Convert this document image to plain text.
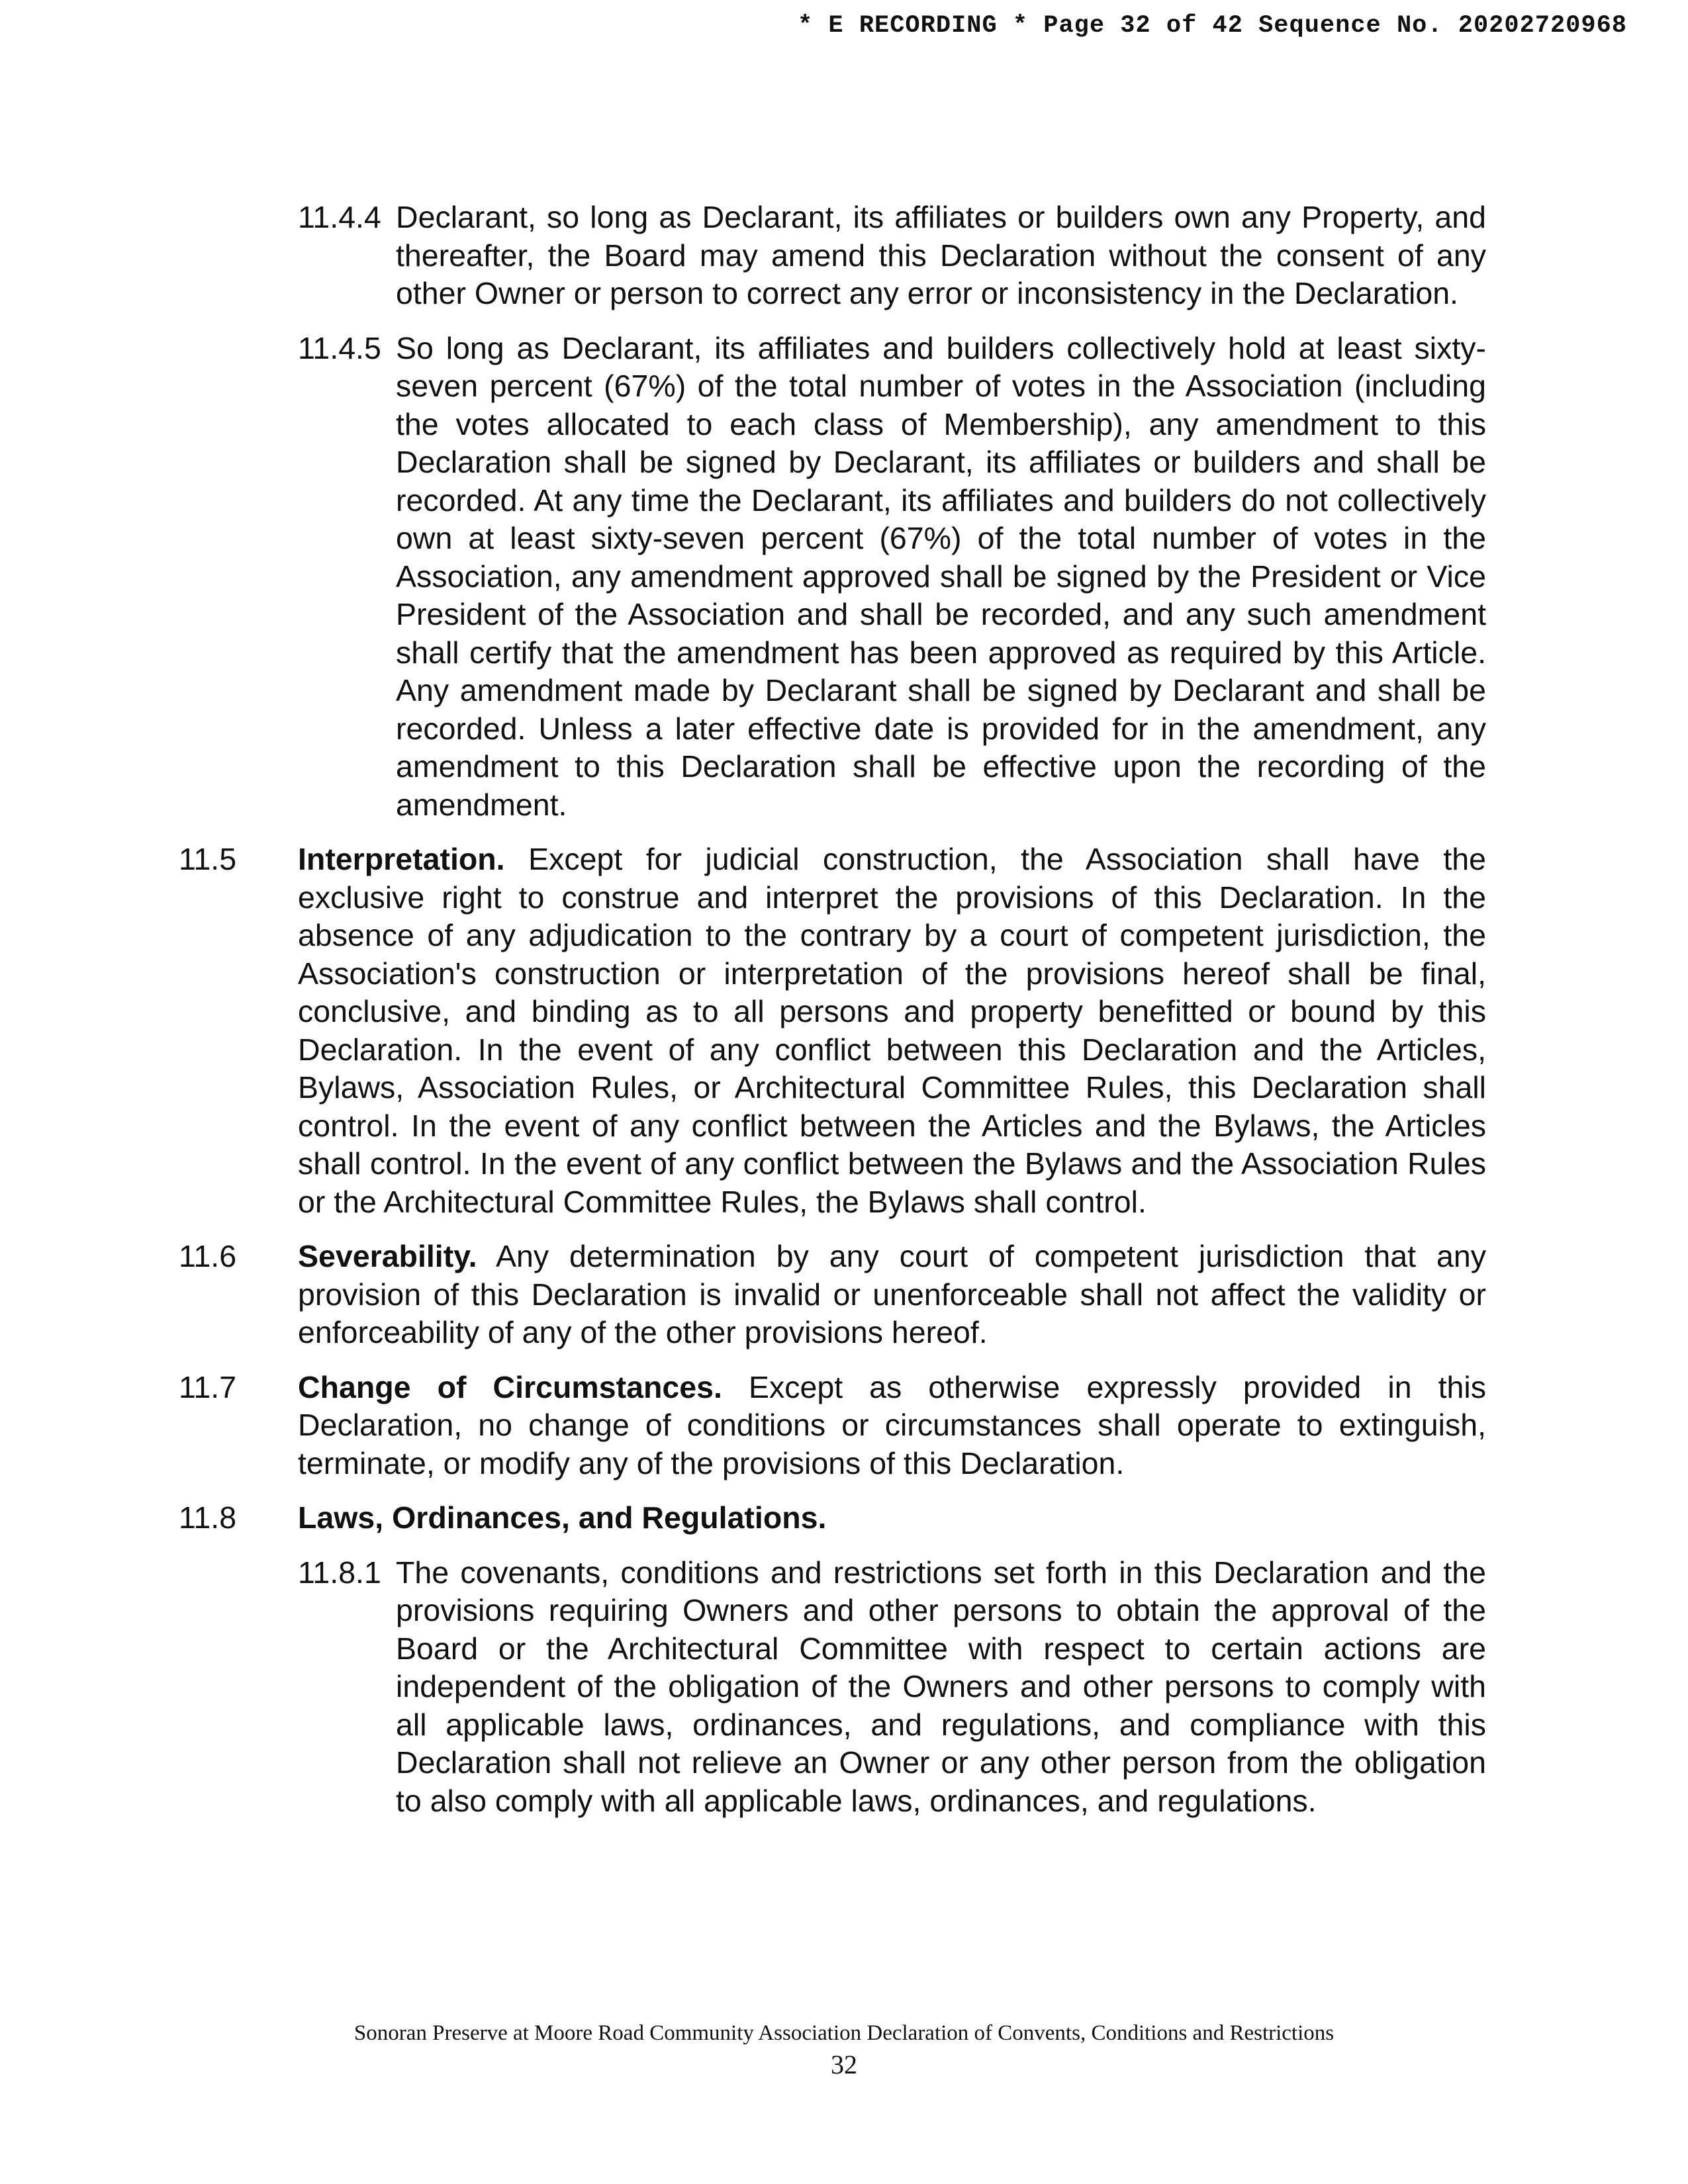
* E RECORDING * Page 32 of 42 Sequence No. 20202720968
11.4.4 Declarant, so long as Declarant, its affiliates or builders own any Property, and thereafter, the Board may amend this Declaration without the consent of any other Owner or person to correct any error or inconsistency in the Declaration.
11.4.5 So long as Declarant, its affiliates and builders collectively hold at least sixty-seven percent (67%) of the total number of votes in the Association (including the votes allocated to each class of Membership), any amendment to this Declaration shall be signed by Declarant, its affiliates or builders and shall be recorded. At any time the Declarant, its affiliates and builders do not collectively own at least sixty-seven percent (67%) of the total number of votes in the Association, any amendment approved shall be signed by the President or Vice President of the Association and shall be recorded, and any such amendment shall certify that the amendment has been approved as required by this Article. Any amendment made by Declarant shall be signed by Declarant and shall be recorded. Unless a later effective date is provided for in the amendment, any amendment to this Declaration shall be effective upon the recording of the amendment.
11.5	Interpretation. Except for judicial construction, the Association shall have the exclusive right to construe and interpret the provisions of this Declaration. In the absence of any adjudication to the contrary by a court of competent jurisdiction, the Association's construction or interpretation of the provisions hereof shall be final, conclusive, and binding as to all persons and property benefitted or bound by this Declaration. In the event of any conflict between this Declaration and the Articles, Bylaws, Association Rules, or Architectural Committee Rules, this Declaration shall control. In the event of any conflict between the Articles and the Bylaws, the Articles shall control. In the event of any conflict between the Bylaws and the Association Rules or the Architectural Committee Rules, the Bylaws shall control.
11.6	Severability. Any determination by any court of competent jurisdiction that any provision of this Declaration is invalid or unenforceable shall not affect the validity or enforceability of any of the other provisions hereof.
11.7	Change of Circumstances. Except as otherwise expressly provided in this Declaration, no change of conditions or circumstances shall operate to extinguish, terminate, or modify any of the provisions of this Declaration.
11.8	Laws, Ordinances, and Regulations.
11.8.1 The covenants, conditions and restrictions set forth in this Declaration and the provisions requiring Owners and other persons to obtain the approval of the Board or the Architectural Committee with respect to certain actions are independent of the obligation of the Owners and other persons to comply with all applicable laws, ordinances, and regulations, and compliance with this Declaration shall not relieve an Owner or any other person from the obligation to also comply with all applicable laws, ordinances, and regulations.
Sonoran Preserve at Moore Road Community Association Declaration of Convents, Conditions and Restrictions
32
